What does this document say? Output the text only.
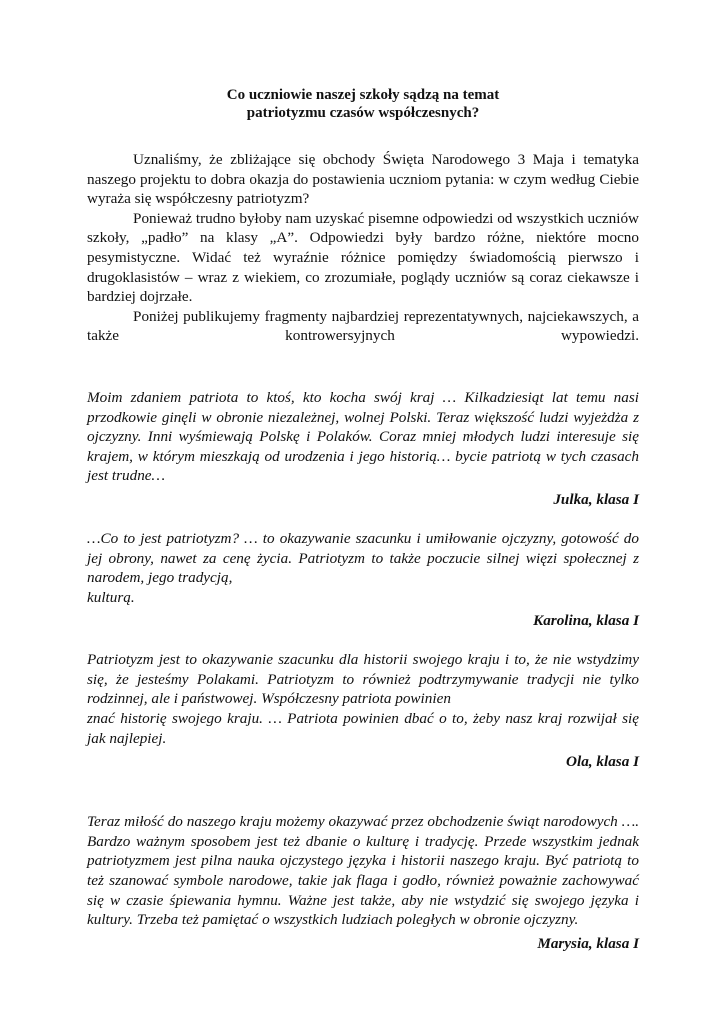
Co uczniowie naszej szkoły sądzą na temat
patriotyzmu czasów współczesnych?

Uznaliśmy, że zbliżające się obchody Święta Narodowego 3 Maja i tematyka naszego projektu to dobra okazja do postawienia uczniom pytania: w czym według Ciebie wyraża się współczesny patriotyzm?

Ponieważ trudno byłoby nam uzyskać pisemne odpowiedzi od wszystkich uczniów szkoły, „padło” na klasy „A”. Odpowiedzi były bardzo różne, niektóre mocno pesymistyczne. Widać też wyraźnie różnice pomiędzy świadomością pierwszo i drugoklasistów – wraz z wiekiem, co zrozumiałe, poglądy uczniów są coraz ciekawsze i bardziej dojrzałe.

Poniżej publikujemy fragmenty najbardziej reprezentatywnych, najciekawszych, a także kontrowersyjnych wypowiedzi.

Moim zdaniem patriota to ktoś, kto kocha swój kraj … Kilkadziesiąt lat temu nasi przodkowie ginęli w obronie niezależnej, wolnej Polski. Teraz większość ludzi wyjeżdża z ojczyzny. Inni wyśmiewają Polskę i Polaków. Coraz mniej młodych ludzi interesuje się krajem, w którym mieszkają od urodzenia i jego historią… bycie patriotą w tych czasach jest trudne…

Julka, klasa I

…Co to jest patriotyzm? … to okazywanie szacunku i umiłowanie ojczyzny, gotowość do jej obrony, nawet za cenę życia. Patriotyzm to także poczucie silnej więzi społecznej z narodem, jego tradycją,
kulturą.

Karolina, klasa I

Patriotyzm jest to okazywanie szacunku dla historii swojego kraju i to, że nie wstydzimy się, że jesteśmy Polakami. Patriotyzm to również podtrzymywanie tradycji nie tylko rodzinnej, ale i państwowej. Współczesny patriota powinien
znać historię swojego kraju. … Patriota powinien dbać o to, żeby nasz kraj rozwijał się jak najlepiej.

Ola, klasa I

Teraz miłość do naszego kraju możemy okazywać przez obchodzenie świąt narodowych …. Bardzo ważnym sposobem jest też dbanie o kulturę i tradycję. Przede wszystkim jednak patriotyzmem jest pilna nauka ojczystego języka i historii naszego kraju. Być patriotą to też szanować symbole narodowe, takie jak flaga i godło, również poważnie zachowywać się w czasie śpiewania hymnu. Ważne jest także, aby nie wstydzić się swojego języka i kultury. Trzeba też pamiętać o wszystkich ludziach poległych w obronie ojczyzny.

Marysia, klasa I
